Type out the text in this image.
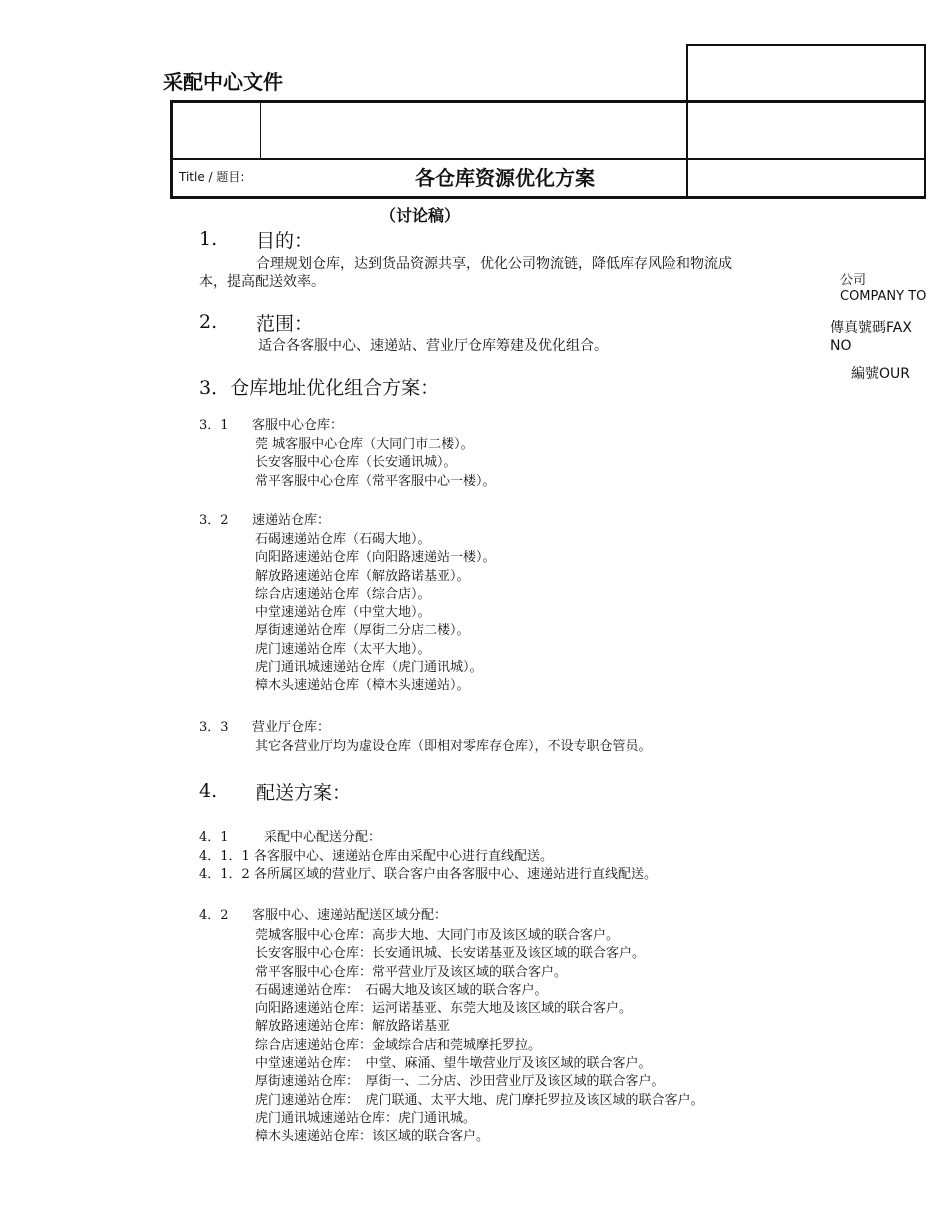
采配中心文件
Title / 题目:	各仓库资源优化方案
（讨论稿）
公司
COMPANY TO
傳真號碼FAX
NO
編號OUR
1. 目的：
合理规划仓库，达到货品资源共享，优化公司物流链，降低库存风险和物流成
本，提高配送效率。
2. 范围：
适合各客服中心、速递站、营业厅仓库筹建及优化组合。
3．仓库地址优化组合方案：
3．1 客服中心仓库：
莞 城客服中心仓库（大同门市二楼）。
长安客服中心仓库（长安通讯城）。
常平客服中心仓库（常平客服中心一楼）。
3．2 速递站仓库：
石碣速递站仓库（石碣大地）。
向阳路速递站仓库（向阳路速递站一楼）。
解放路速递站仓库（解放路诺基亚）。
综合店速递站仓库（综合店）。
中堂速递站仓库（中堂大地）。
厚街速递站仓库（厚街二分店二楼）。
虎门速递站仓库（太平大地）。
虎门通讯城速递站仓库（虎门通讯城）。
樟木头速递站仓库（樟木头速递站）。
3．3 营业厅仓库：
其它各营业厅均为虚设仓库（即相对零库存仓库），不设专职仓管员。
4. 配送方案：
4．1	采配中心配送分配：
4．1．1 各客服中心、速递站仓库由采配中心进行直线配送。
4．1．2 各所属区域的营业厅、联合客户由各客服中心、速递站进行直线配送。
4．2 客服中心、速递站配送区域分配：
莞城客服中心仓库：高步大地、大同门市及该区域的联合客户。
长安客服中心仓库：长安通讯城、长安诺基亚及该区域的联合客户。
常平客服中心仓库：常平营业厅及该区域的联合客户。
石碣速递站仓库：　石碣大地及该区域的联合客户。
向阳路速递站仓库：运河诺基亚、东莞大地及该区域的联合客户。
解放路速递站仓库：解放路诺基亚
综合店速递站仓库：金域综合店和莞城摩托罗拉。
中堂速递站仓库：　中堂、麻涌、望牛墩营业厅及该区域的联合客户。
厚街速递站仓库：　厚街一、二分店、沙田营业厅及该区域的联合客户。
虎门速递站仓库：　虎门联通、太平大地、虎门摩托罗拉及该区域的联合客户。
虎门通讯城速递站仓库：虎门通讯城。
樟木头速递站仓库：该区域的联合客户。
